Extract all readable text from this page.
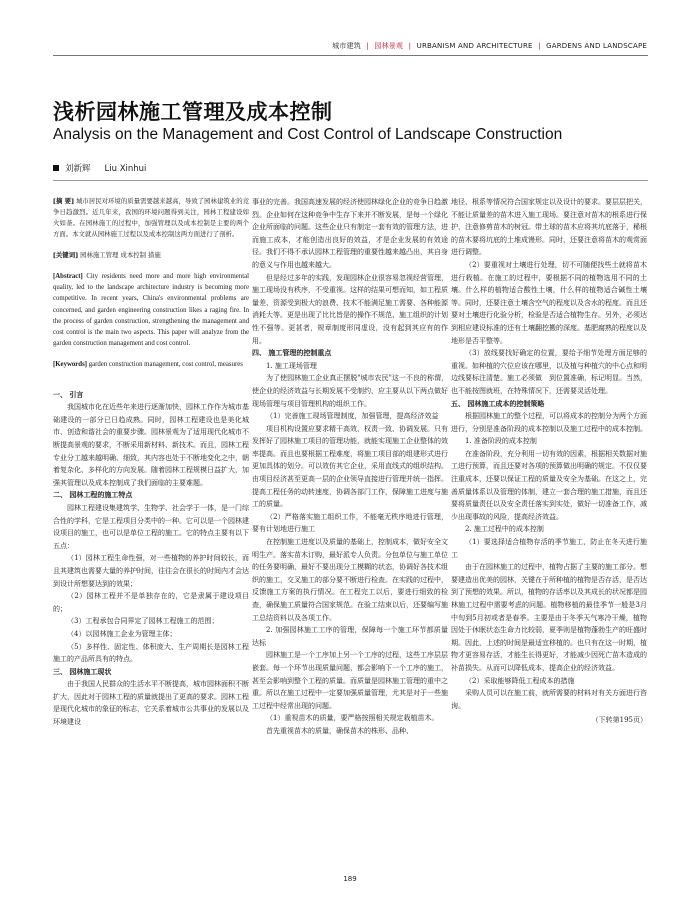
城市建筑 | 园林景观 | URBANISM AND ARCHITECTURE | GARDENS AND LANDSCAPE
浅析园林施工管理及成本控制
Analysis on the Management and Cost Control of Landscape Construction
刘新辉 Liu Xinhui

[摘 要] 城市居民对环境的质量需要越来越高，导致了园林建筑业的竞争日趋激烈。近几年来，我国的环境问题得到关注，园林工程建设如火如荼。在园林施工的过程中，加强管理以及成本控制是主要的两个方面。本文就从园林施工过程以及成本控制这两方面进行了剖析。

[关键词] 园林施工管理 成本控制 措施

[Abstract] City residents need more and more high environmental quality, led to the landscape architecture industry is becoming more competitive. In recent years, China's environmental problems are concerned, and garden engineering construction likes a raging fire. In the process of garden construction, strengthening the management and cost control is the main two aspects. This paper will analyze from the garden construction management and cost control.

[Keywords] garden construction management, cost control, measures

一、 引言

我国城市化在近些年来进行逐渐加快，园林工作作为城市基础建设的一部分已日趋成熟。同时，园林工程建设也是美化城市、创造和谐社会的重要步骤。园林景观为了适用现代化城市不断提高景观的要求，不断采用新材料、新技术。而且，园林工程专业分工越来越明确、细致，其内容也处于不断地变化之中，朝着复杂化、多样化的方向发展。随着园林工程规模日益扩大，加强其管理以及成本控制成了我们面临的主要难题。

二、 园林工程的施工特点

园林工程建设集建筑学、生物学、社会学于一体，是一门综合性的学科，它是工程项目分类中的一种。它可以是一个园林建设项目的施工，也可以是单位工程的施工。它的特点主要有以下五点：

（1）园林工程生命性强，对一些植物的养护时间较长，而且其建筑也需要大量的养护时间，往往会在很长的时间内才会达到设计所想要达到的效果；

（2）园林工程并不是单独存在的，它是隶属于建设项目的；

（3）工程承包合同界定了园林工程施工的范围；

（4）以园林施工企业为管理主体；

（5）多样性、固定性、体积庞大、生产周期长是园林工程施工的产品所具有的特点。

三、 园林施工现状

由于我国人民群众的生活水平不断提高，城市园林面积不断扩大，因此对于园林工程的质量就提出了更高的要求。园林工程是现代化城市的象征的标志，它关系着城市公共事业的发展以及环境建设

事业的完善。我国高速发展的经济使园林绿化企业的竞争日趋激烈。企业如何在这种竞争中生存下来并不断发展，是每一个绿化企业所面临的问题。这些企业只有制定一套有效的管理方法，进而施工成本，才能创造出良好的效益，才是企业发展的有效途径。我们不得不承认园林工程管理的重要性越来越凸出，其自身的意义与作用也越来越大。

但是经过多年的实践，发现园林企业很容易忽视经营管理，施工现场没有秩序，不受重视。这样的结果可想而知，如工程质量差、资源受到极大的浪费、技术不能满足施工需要、各种能源消耗大等。更是出现了比比皆是的操作不规范、施工组织的计划性不强等。更甚者，规章制度形同虚设，没有起到其应有的作用。

四、 施工管理的控制重点

1. 施工现场管理

为了使园林施工企业真正摆脱"城市农民"这一不良的称谓，使企业的经济效益与长期发展不受制约，应主要从以下两点做好现场管理与项目管理机构的组织工作。

（1）完善施工现场管理制度，加强管理，提高经济效益

项目机构设置应要求精干高效、权责一致、协调发展。只有发挥好了园林施工项目的管理功能，就能实现施工企业整体的效率提高。而且也要根据工程难度，将施工项目部的组建形式进行更加具体的划分。可以效仿其它企业，采用直线式的组织结构。由项目经济甚至更高一层的企业领导直接进行管理并统一指挥。提高工程任务的动转速度，协调各部门工作，保障施工进度与施工的质量。

（2）严格落实施工组织工作，不能毫无秩序地进行管理，要有计划地进行施工

在控制施工进度以及质量的基础上，控制成本，做好安全文明生产。落实苗木订购，最好派专人负责。分包单位与施工单位的任务要明确，最好不要出现分工模糊的状态，协调好各技术组织的施工，交叉施工的部分要不断进行检查。在实践的过程中，反馈施工方案的执行情况。在工程完工以后，要进行细致的检查，确保施工质量符合国家规范。在验工结束以后，还要编写施工总结资料以及各项工作。

2. 加强园林施工工序的管理，保障每一个施工环节都质量达标

园林施工是一个工序加上另一个工序的过程，这些工序层层嵌套。每一个环节出现质量问题，都会影响下一个工序的施工，甚至会影响到整个工程的质量。而质量是园林施工管理的重中之重。所以在施工过程中一定要加强质量管理，尤其是对于一些施工过程中经常出现的问题。

（1）重视苗木的质量，要严格按照相关规定栽植苗木。

首先重视苗木的质量，确保苗木的株形、品种、

地径、根系等情况符合国家规定以及设计的要求。要层层把关，不能让质量差的苗木进入施工现场。要注意对苗木的根系进行保护，注意修剪苗木的树冠。带土球的苗木应将其坑底落于，稀根的苗木要将坑底的土堆成馒形。同时，还要注意将苗木的观赏面进行调整。

（2）要重视对土壤进行处理，切不可随便找些土就将苗木进行栽植。在施工的过程中，要根据不同的植物选用不同的土壤。什么样的植物适合酸性土壤，什么样的植物适合碱性土壤等。同时，还要注意土壤含空气的程度以及含水的程度。而且还要对土壤进行化验分析，检验是否适合植物生存。另外，必须达到相应建设标准的还有土壤翻挖搬的深度。基肥腐熟的程度以及地形是否平整等。

（3）放线要找好确定的位置，要给予细节处理方面足够的重视。如种植的穴位应该在哪里，以及植与种植穴的中心点和明边线要标注清楚。施工必须做　到位置准确，标记明显。当然，也不能按图就班，在特殊情况下，还需要灵活处理。

五、 园林施工成本的控制策略

根据园林施工的整个过程，可以将成本的控制分为两个方面进行，分别是准备阶段的成本控制以及施工过程中的成本控制。

1. 准备阶段的成本控制

在准备阶段，充分利用一切有效的因素，根据相关数据对施工进行预算，而且还要对各项的预算做出明确的规定。不仅仅要注重成本，还要以保证工程的质量及安全为基础。在这之上，完善质量体系以及管理的体制，建立一套合理的施工措施，而且还要将质量责任以及安全责任落实到实处，做好一切准备工作，减少出现事故的风险，提高经济效益。

2. 施工过程中的成本控制

（1）要选择适合植物存活的季节施工，防止在冬天进行施工

由于在园林施工的过程中，植物占据了主要的施工部分。想要建造出优美的园林，关键在于所种植的植物是否存活，是否达到了预想的效果。所以，植物的存活率以及其成长的状况都是园林施工过程中需要考虑的问题。植物移植的最佳季节一般是3月中旬到5月初或者是春季。主要是由于冬季天气寒冷干燥，植物因处于休眠状态生命力比较弱，夏季则是植物蓬勃生产的旺盛时期。因此，上述的时间是最适宜移植的。也只有在这一时期，植物才更容易存活，才能生长得更好，才能减少因死亡苗木造成的补苗损失。从而可以降低成本，提高企业的经济效益。

（2）采取能够降低工程成本的措施

采购人员可以在施工前，就所需要的材料对有关方面进行咨询。

（下转第195页）

189
